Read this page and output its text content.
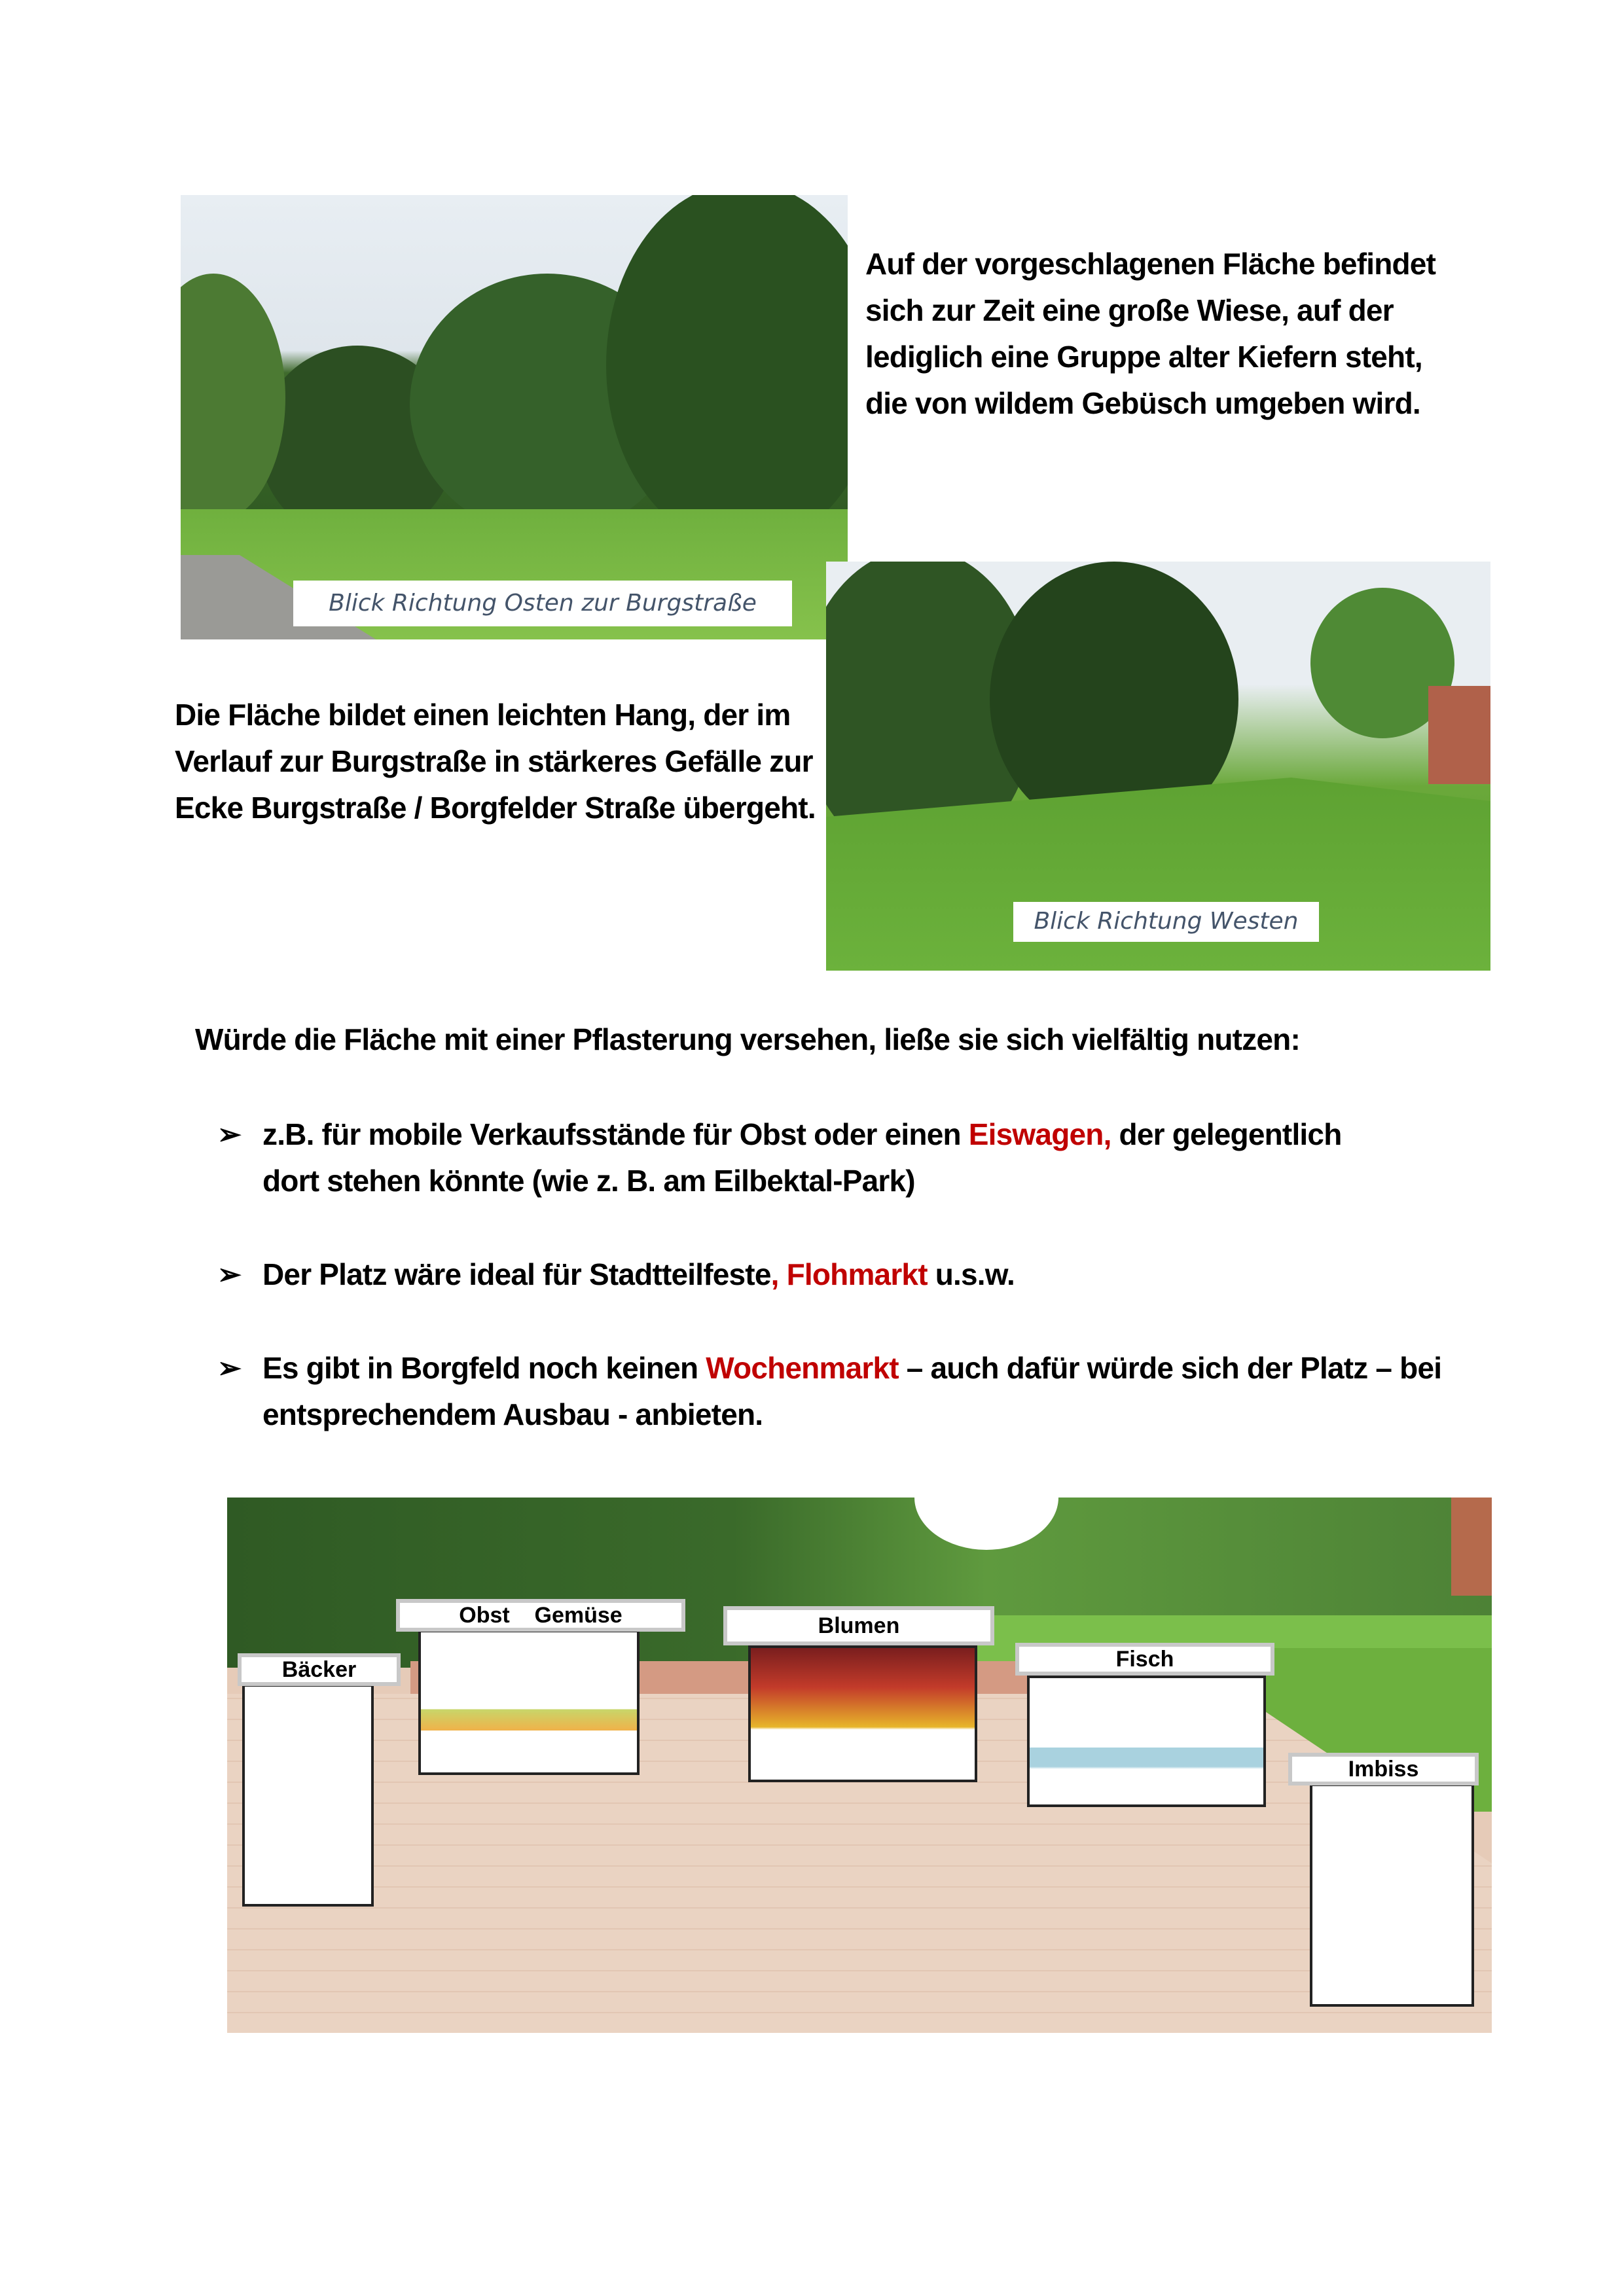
Blick Richtung Osten zur Burgstraße
Auf der vorgeschlagenen Fläche befindet sich zur Zeit eine große Wiese, auf der lediglich eine Gruppe alter Kiefern steht, die von wildem Gebüsch umgeben wird.
Blick Richtung Westen
Die Fläche bildet einen leichten Hang, der im Verlauf zur Burgstraße in stärkeres Gefälle zur Ecke Burgstraße / Borgfelder Straße übergeht.
Würde die Fläche mit einer Pflasterung versehen, ließe sie sich vielfältig nutzen:
➢ z.B. für mobile Verkaufsstände für Obst oder einen Eiswagen, der gelegentlich dort stehen könnte (wie z. B. am Eilbektal-Park)
➢ Der Platz wäre ideal für Stadtteilfeste, Flohmarkt u.s.w.
➢ Es gibt in Borgfeld noch keinen Wochenmarkt – auch dafür würde sich der Platz – bei entsprechendem Ausbau - anbieten.
Bäcker
Obst    Gemüse	Blumen
Fisch
Imbiss
